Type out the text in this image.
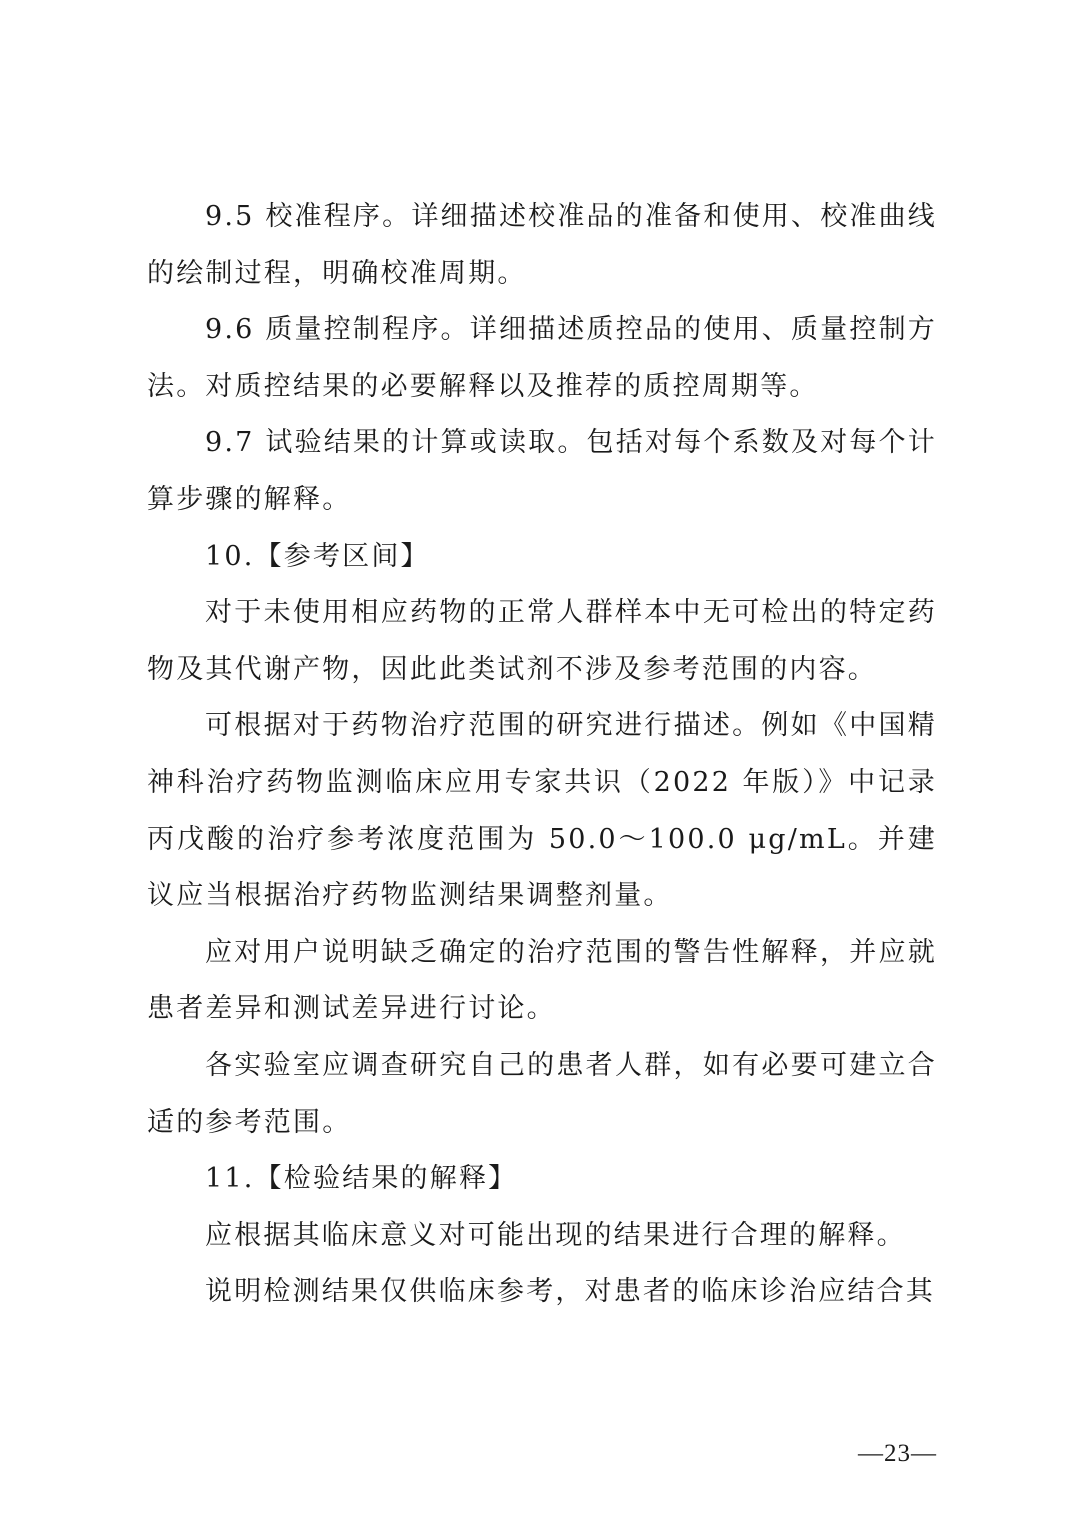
9.5 校准程序。详细描述校准品的准备和使用、校准曲线的绘制过程，明确校准周期。

9.6 质量控制程序。详细描述质控品的使用、质量控制方法。对质控结果的必要解释以及推荐的质控周期等。

9.7 试验结果的计算或读取。包括对每个系数及对每个计算步骤的解释。

10.【参考区间】

对于未使用相应药物的正常人群样本中无可检出的特定药物及其代谢产物，因此此类试剂不涉及参考范围的内容。

可根据对于药物治疗范围的研究进行描述。例如《中国精神科治疗药物监测临床应用专家共识（2022 年版）》中记录丙戊酸的治疗参考浓度范围为 50.0～100.0 μg/mL。并建议应当根据治疗药物监测结果调整剂量。

应对用户说明缺乏确定的治疗范围的警告性解释，并应就患者差异和测试差异进行讨论。

各实验室应调查研究自己的患者人群，如有必要可建立合适的参考范围。

11.【检验结果的解释】

应根据其临床意义对可能出现的结果进行合理的解释。

说明检测结果仅供临床参考，对患者的临床诊治应结合其

—23—
